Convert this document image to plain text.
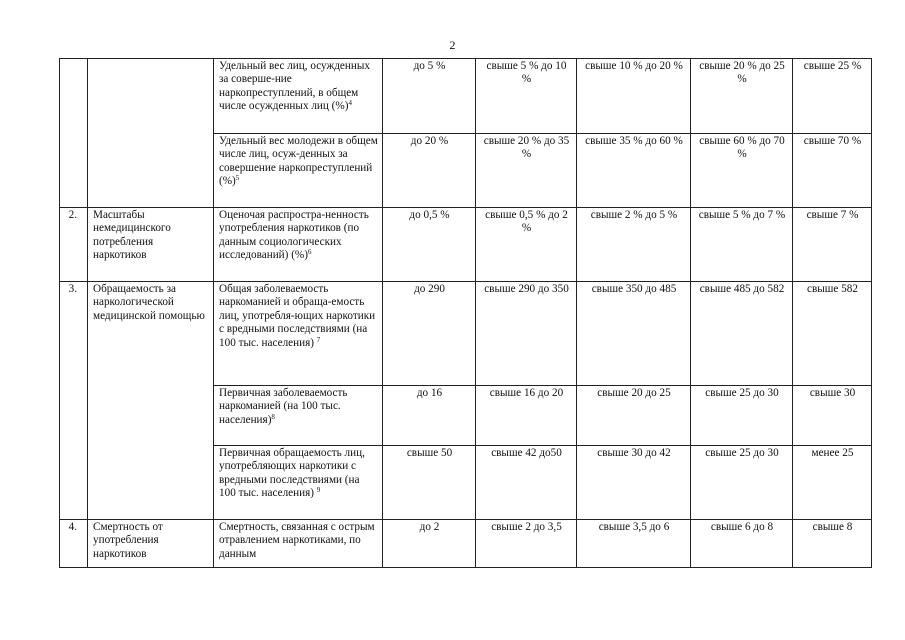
2
		Удельный вес лиц, осужденных за соверше-ние наркопреступлений, в общем числе осужденных лиц (%)$^4$	до 5 %	свыше 5 % до 10 %	свыше 10 % до 20 %	свыше 20 % до 25 %	свыше 25 %
		Удельный вес молодежи в общем числе лиц, осуж-денных за совершение наркопреступлений (%)$^5$	до 20 %	свыше 20 % до 35 %	свыше 35 % до 60 %	свыше 60 % до 70 %	свыше 70 %
2.	Масштабы немедицинского потребления наркотиков	Оценочая распростра-ненность употребления наркотиков (по данным социологических исследований) (%)$^6$	до 0,5 %	свыше 0,5 % до 2 %	свыше 2 % до 5 %	свыше 5 % до 7 %	свыше 7 %
3.	Обращаемость за наркологической медицинской помощью	Общая заболеваемость наркоманией и обраща-емость лиц, употребля-ющих наркотики с вредными последствиями (на 100 тыс. населения) $^7$	до 290	свыше 290 до 350	свыше 350 до 485	свыше 485 до 582	свыше 582
		Первичная заболеваемость наркоманией (на 100 тыс. населения)$^8$	до 16	свыше 16 до 20	свыше 20 до 25	свыше 25 до 30	свыше 30
		Первичная обращаемость лиц, употребляющих наркотики с вредными последствиями (на 100 тыс. населения) $^9$	свыше 50	свыше 42 до50	свыше 30 до 42	свыше 25 до 30	менее 25
4.	Смертность от употребления наркотиков	Смертность, связанная с острым отравлением наркотиками, по данным	до 2	свыше 2 до 3,5	свыше 3,5 до 6	свыше 6 до 8	свыше 8
